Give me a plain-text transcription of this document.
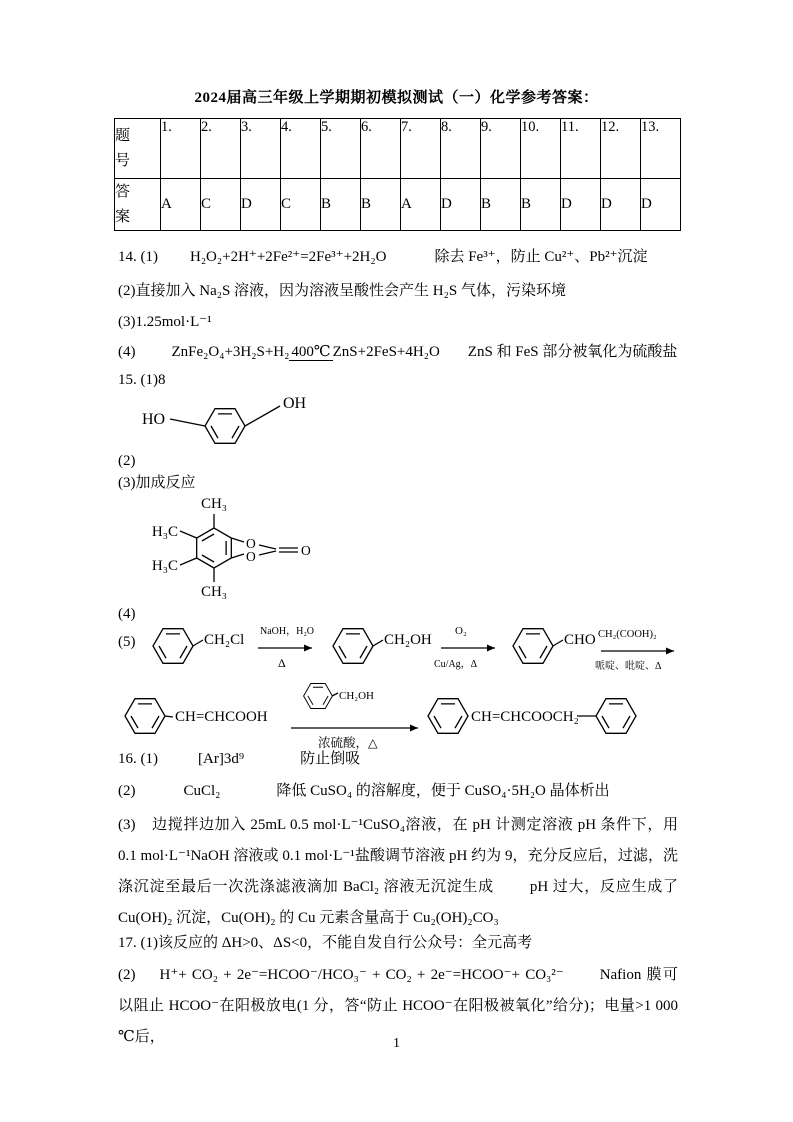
2024届高三年级上学期期初模拟测试（一）化学参考答案：
题号	1.	2.	3.	4.	5.	6.	7.	8.	9.	10.	11.	12.	13.
答案	A	C	D	C	B	B	A	D	B	B	D	D	D

14. (1) H₂O₂+2H⁺+2Fe²⁺=2Fe³⁺+2H₂O	除去 Fe³⁺，防止 Cu²⁺、Pb²⁺沉淀

(2)直接加入 Na₂S 溶液，因为溶液呈酸性会产生 H₂S 气体，污染环境

(3)1.25mol·L⁻¹

(4) ZnFe₂O₄+3H₂S+H₂ 400℃ ZnS+2FeS+4H₂O ZnS 和 FeS 部分被氧化为硫酸盐

15. (1)8

HO
OH

(2)

(3)加成反应

CH₃
H₃C
H₃C
CH₃
O
O	O

(4)

(5)	CH₂Cl
NaOH，H₂O
Δ
CH₂OH
O₂
Cu/Ag，Δ
CHO CH₂(COOH)₂
哌啶、吡啶、Δ
CH=CHCOOH
CH₂OH
浓硫酸，△
CH=CHCOOCH₂

16. (1)	[Ar]3d⁹	防止倒吸

(2)	CuCl₂	降低 CuSO₄ 的溶解度，便于 CuSO₄·5H₂O 晶体析出

(3) 边搅拌边加入 25mL 0.5 mol·L⁻¹CuSO₄溶液，在 pH 计测定溶液 pH 条件下，用 0.1 mol·L⁻¹NaOH 溶液或 0.1 mol·L⁻¹盐酸调节溶液 pH 约为 9，充分反应后，过滤，洗涤沉淀至最后一次洗涤滤液滴加 BaCl₂ 溶液无沉淀生成 pH 过大，反应生成了 Cu(OH)₂ 沉淀，Cu(OH)₂ 的 Cu 元素含量高于 Cu₂(OH)₂CO₃

17. (1)该反应的 ΔH>0、ΔS<0，不能自发自行公众号：全元高考

(2) H⁺+ CO₂ + 2e⁻=HCOO⁻/HCO₃⁻ + CO₂ + 2e⁻=HCOO⁻+ CO₃²⁻ Nafion 膜可以阻止 HCOO⁻在阳极放电(1 分，答“防止 HCOO⁻在阳极被氧化”给分)；电量>1 000 ℃后，	1
